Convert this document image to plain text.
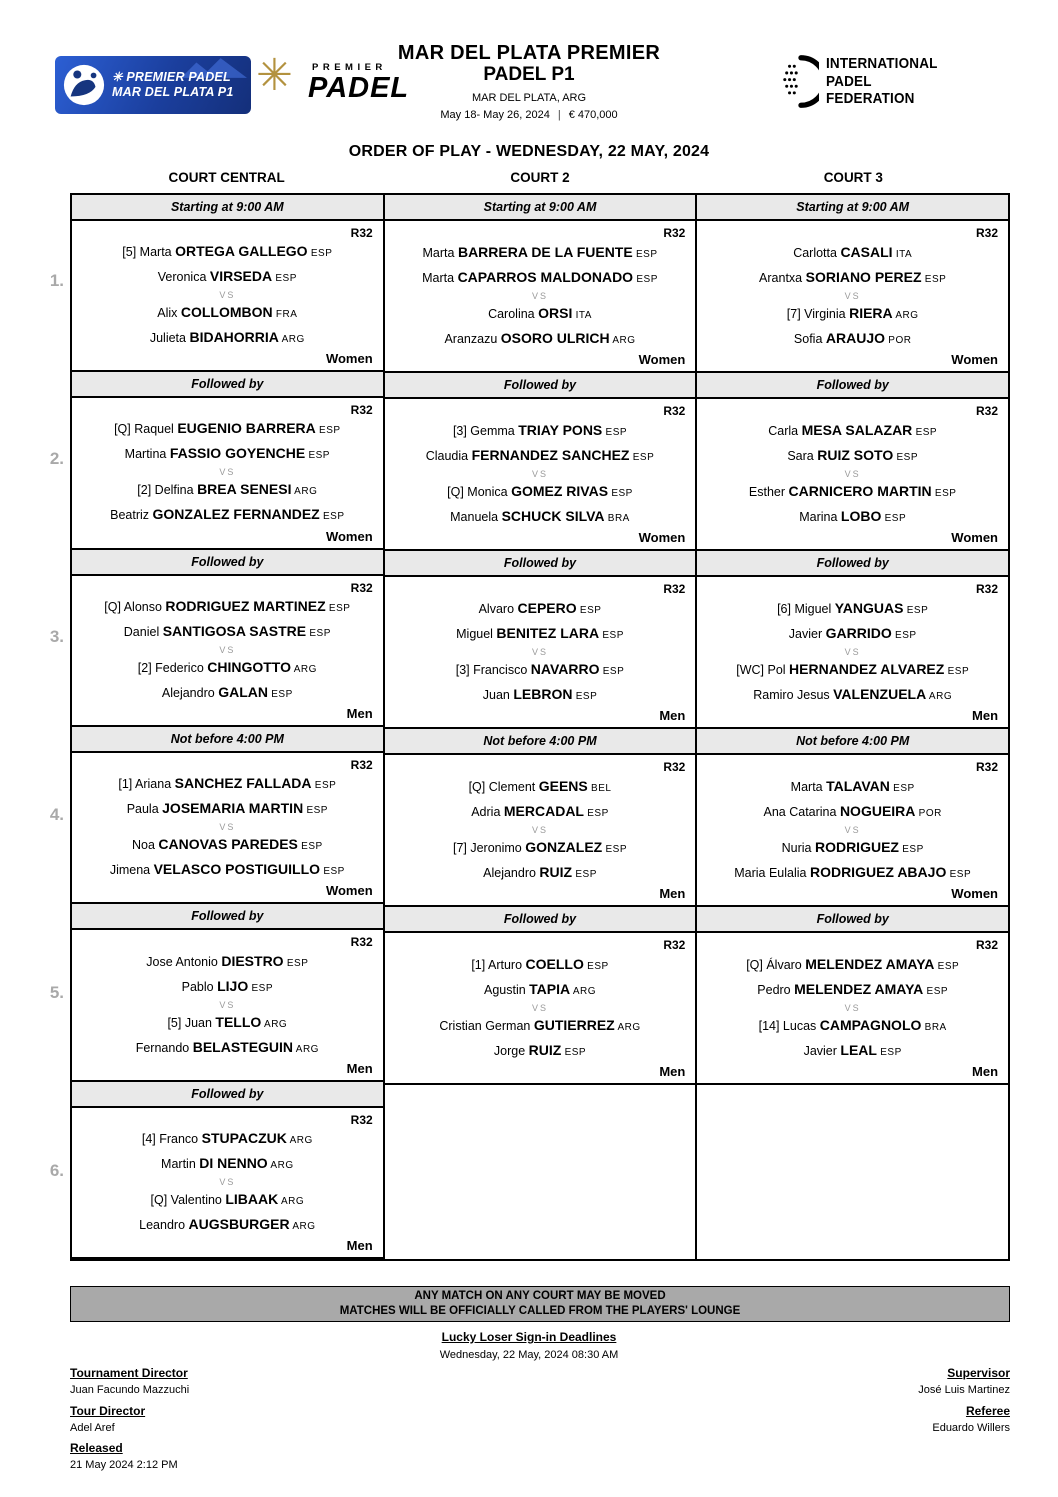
✳ PREMIER PADEL
MAR DEL PLATA P1 ✳ PREMIER
PADEL
MAR DEL PLATA PREMIER
PADEL P1
MAR DEL PLATA, ARG
May 18- May 26, 2024 | € 470,000
INTERNATIONAL
PADEL
FEDERATION
ORDER OF PLAY - WEDNESDAY, 22 MAY, 2024
COURT CENTRAL	COURT 2	COURT 3
Starting at 9:00 AM
R32
[5] Marta ORTEGA GALLEGO ESP
Veronica VIRSEDA ESP
VS
Alix COLLOMBON FRA
Julieta BIDAHORRIA ARG
Women
Followed by
R32
[Q] Raquel EUGENIO BARRERA ESP
Martina FASSIO GOYENCHE ESP
VS
[2] Delfina BREA SENESI ARG
Beatriz GONZALEZ FERNANDEZ ESP
Women
Followed by
R32
[Q] Alonso RODRIGUEZ MARTINEZ ESP
Daniel SANTIGOSA SASTRE ESP
VS
[2] Federico CHINGOTTO ARG
Alejandro GALAN ESP
Men
Not before 4:00 PM
R32
[1] Ariana SANCHEZ FALLADA ESP
Paula JOSEMARIA MARTIN ESP
VS
Noa CANOVAS PAREDES ESP
Jimena VELASCO POSTIGUILLO ESP
Women
Followed by
R32
Jose Antonio DIESTRO ESP
Pablo LIJO ESP
VS
[5] Juan TELLO ARG
Fernando BELASTEGUIN ARG
Men
Followed by
R32
[4] Franco STUPACZUK ARG
Martin DI NENNO ARG
VS
[Q] Valentino LIBAAK ARG
Leandro AUGSBURGER ARG
Men
Starting at 9:00 AM
R32
Marta BARRERA DE LA FUENTE ESP
Marta CAPARROS MALDONADO ESP
VS
Carolina ORSI ITA
Aranzazu OSORO ULRICH ARG
Women
Followed by
R32
[3] Gemma TRIAY PONS ESP
Claudia FERNANDEZ SANCHEZ ESP
VS
[Q] Monica GOMEZ RIVAS ESP
Manuela SCHUCK SILVA BRA
Women
Followed by
R32
Alvaro CEPERO ESP
Miguel BENITEZ LARA ESP
VS
[3] Francisco NAVARRO ESP
Juan LEBRON ESP
Men
Not before 4:00 PM
R32
[Q] Clement GEENS BEL
Adria MERCADAL ESP
VS
[7] Jeronimo GONZALEZ ESP
Alejandro RUIZ ESP
Men
Followed by
R32
[1] Arturo COELLO ESP
Agustin TAPIA ARG
VS
Cristian German GUTIERREZ ARG
Jorge RUIZ ESP
Men
Starting at 9:00 AM
R32
Carlotta CASALI ITA
Arantxa SORIANO PEREZ ESP
VS
[7] Virginia RIERA ARG
Sofia ARAUJO POR
Women
Followed by
R32
Carla MESA SALAZAR ESP
Sara RUIZ SOTO ESP
VS
Esther CARNICERO MARTIN ESP
Marina LOBO ESP
Women
Followed by
R32
[6] Miguel YANGUAS ESP
Javier GARRIDO ESP
VS
[WC] Pol HERNANDEZ ALVAREZ ESP
Ramiro Jesus VALENZUELA ARG
Men
Not before 4:00 PM
R32
Marta TALAVAN ESP
Ana Catarina NOGUEIRA POR
VS
Nuria RODRIGUEZ ESP
Maria Eulalia RODRIGUEZ ABAJO ESP
Women
Followed by
R32
[Q] Álvaro MELENDEZ AMAYA ESP
Pedro MELENDEZ AMAYA ESP
VS
[14] Lucas CAMPAGNOLO BRA
Javier LEAL ESP
Men
1.
2.
3.
4.
5.
6.
ANY MATCH ON ANY COURT MAY BE MOVED
MATCHES WILL BE OFFICIALLY CALLED FROM THE PLAYERS' LOUNGE
Lucky Loser Sign-in Deadlines
Wednesday, 22 May, 2024 08:30 AM
Tournament Director
Juan Facundo Mazzuchi
Tour Director
Adel Aref
Released
21 May 2024 2:12 PM
Supervisor
José Luis Martinez
Referee
Eduardo Willers
